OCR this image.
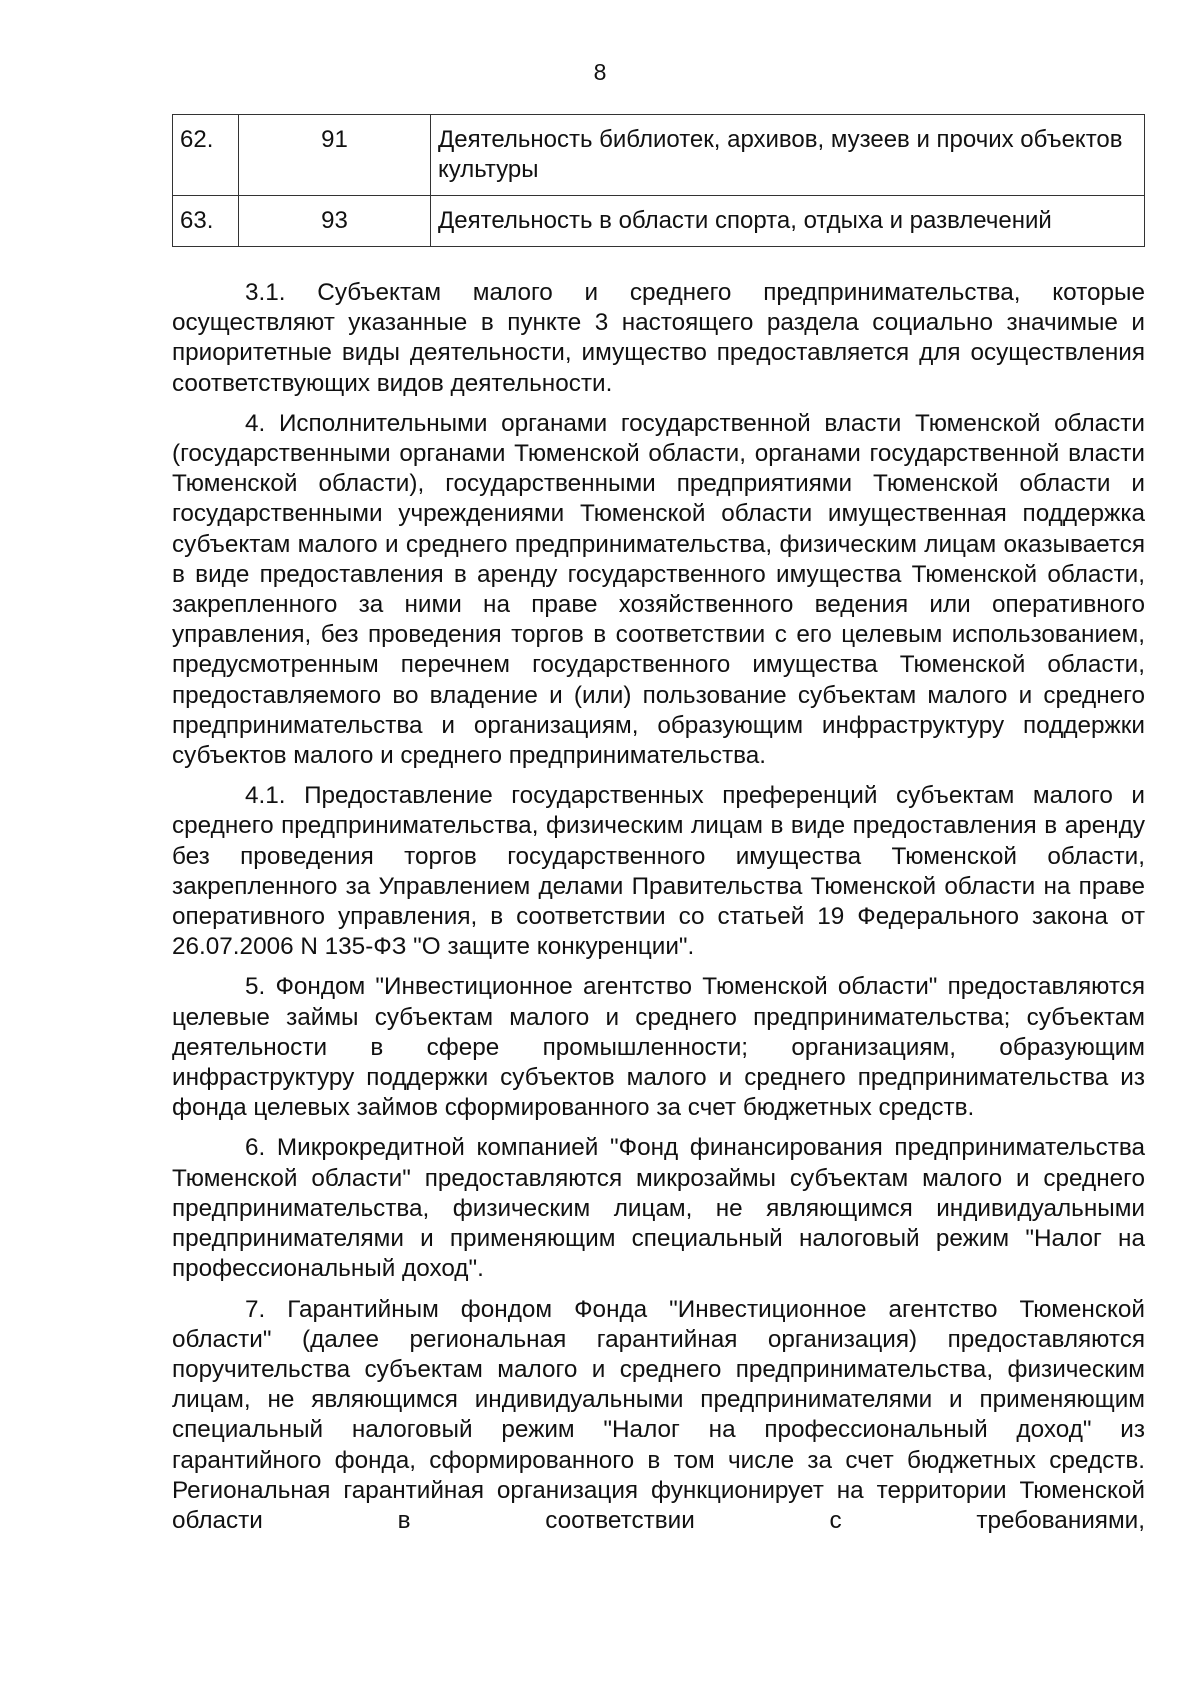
8
62.	91	Деятельность библиотек, архивов, музеев и прочих объектов культуры
63.	93	Деятельность в области спорта, отдыха и развлечений

3.1. Субъектам малого и среднего предпринимательства, которые осуществляют указанные в пункте 3 настоящего раздела социально значимые и приоритетные виды деятельности, имущество предоставляется для осуществления соответствующих видов деятельности.

4. Исполнительными органами государственной власти Тюменской области (государственными органами Тюменской области, органами государственной власти Тюменской области), государственными предприятиями Тюменской области и государственными учреждениями Тюменской области имущественная поддержка субъектам малого и среднего предпринимательства, физическим лицам оказывается в виде предоставления в аренду государственного имущества Тюменской области, закрепленного за ними на праве хозяйственного ведения или оперативного управления, без проведения торгов в соответствии с его целевым использованием, предусмотренным перечнем государственного имущества Тюменской области, предоставляемого во владение и (или) пользование субъектам малого и среднего предпринимательства и организациям, образующим инфраструктуру поддержки субъектов малого и среднего предпринимательства.

4.1. Предоставление государственных преференций субъектам малого и среднего предпринимательства, физическим лицам в виде предоставления в аренду без проведения торгов государственного имущества Тюменской области, закрепленного за Управлением делами Правительства Тюменской области на праве оперативного управления, в соответствии со статьей 19 Федерального закона от 26.07.2006 N 135-ФЗ "О защите конкуренции".

5. Фондом "Инвестиционное агентство Тюменской области" предоставляются целевые займы субъектам малого и среднего предпринимательства; субъектам деятельности в сфере промышленности; организациям, образующим инфраструктуру поддержки субъектов малого и среднего предпринимательства из фонда целевых займов сформированного за счет бюджетных средств.

6. Микрокредитной компанией "Фонд финансирования предпринимательства Тюменской области" предоставляются микрозаймы субъектам малого и среднего предпринимательства, физическим лицам, не являющимся индивидуальными предпринимателями и применяющим специальный налоговый режим "Налог на профессиональный доход".

7. Гарантийным фондом Фонда "Инвестиционное агентство Тюменской области" (далее региональная гарантийная организация) предоставляются поручительства субъектам малого и среднего предпринимательства, физическим лицам, не являющимся индивидуальными предпринимателями и применяющим специальный налоговый режим "Налог на профессиональный доход" из гарантийного фонда, сформированного в том числе за счет бюджетных средств. Региональная гарантийная организация функционирует на территории Тюменской области в соответствии с требованиями,
